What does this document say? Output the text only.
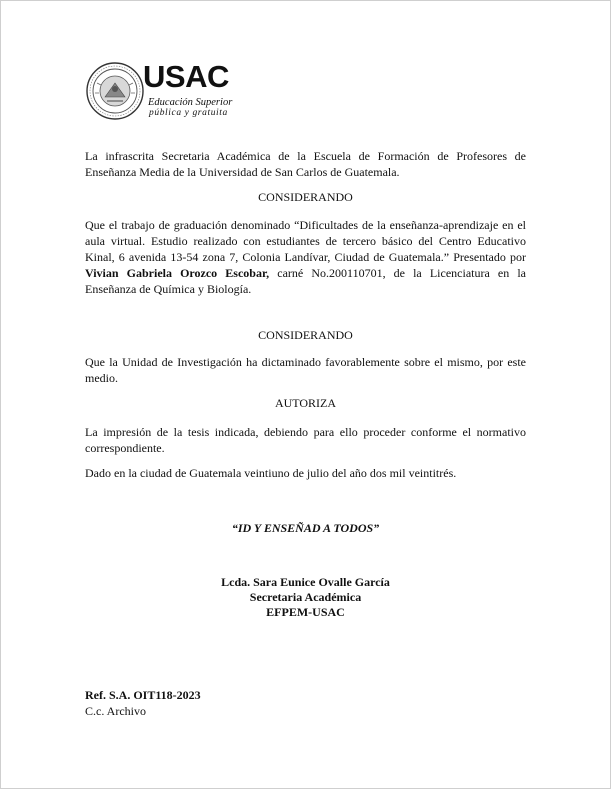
USAC
Educación Superior
pública y gratuita
La infrascrita Secretaria Académica de la Escuela de Formación de Profesores de Enseñanza Media de la Universidad de San Carlos de Guatemala.
CONSIDERANDO
Que el trabajo de graduación denominado “Dificultades de la enseñanza-aprendizaje en el aula virtual. Estudio realizado con estudiantes de tercero básico del Centro Educativo Kinal, 6 avenida 13-54 zona 7, Colonia Landívar, Ciudad de Guatemala.” Presentado por Vivian Gabriela Orozco Escobar, carné No.200110701, de la Licenciatura en la Enseñanza de Química y Biología.
CONSIDERANDO
Que la Unidad de Investigación ha dictaminado favorablemente sobre el mismo, por este medio.
AUTORIZA
La impresión de la tesis indicada, debiendo para ello proceder conforme el normativo correspondiente.
Dado en la ciudad de Guatemala veintiuno de julio del año dos mil veintitrés.
“ID Y ENSEÑAD A TODOS”
Lcda. Sara Eunice Ovalle García
Secretaria Académica
EFPEM-USAC
Ref. S.A. OIT118-2023
C.c. Archivo
